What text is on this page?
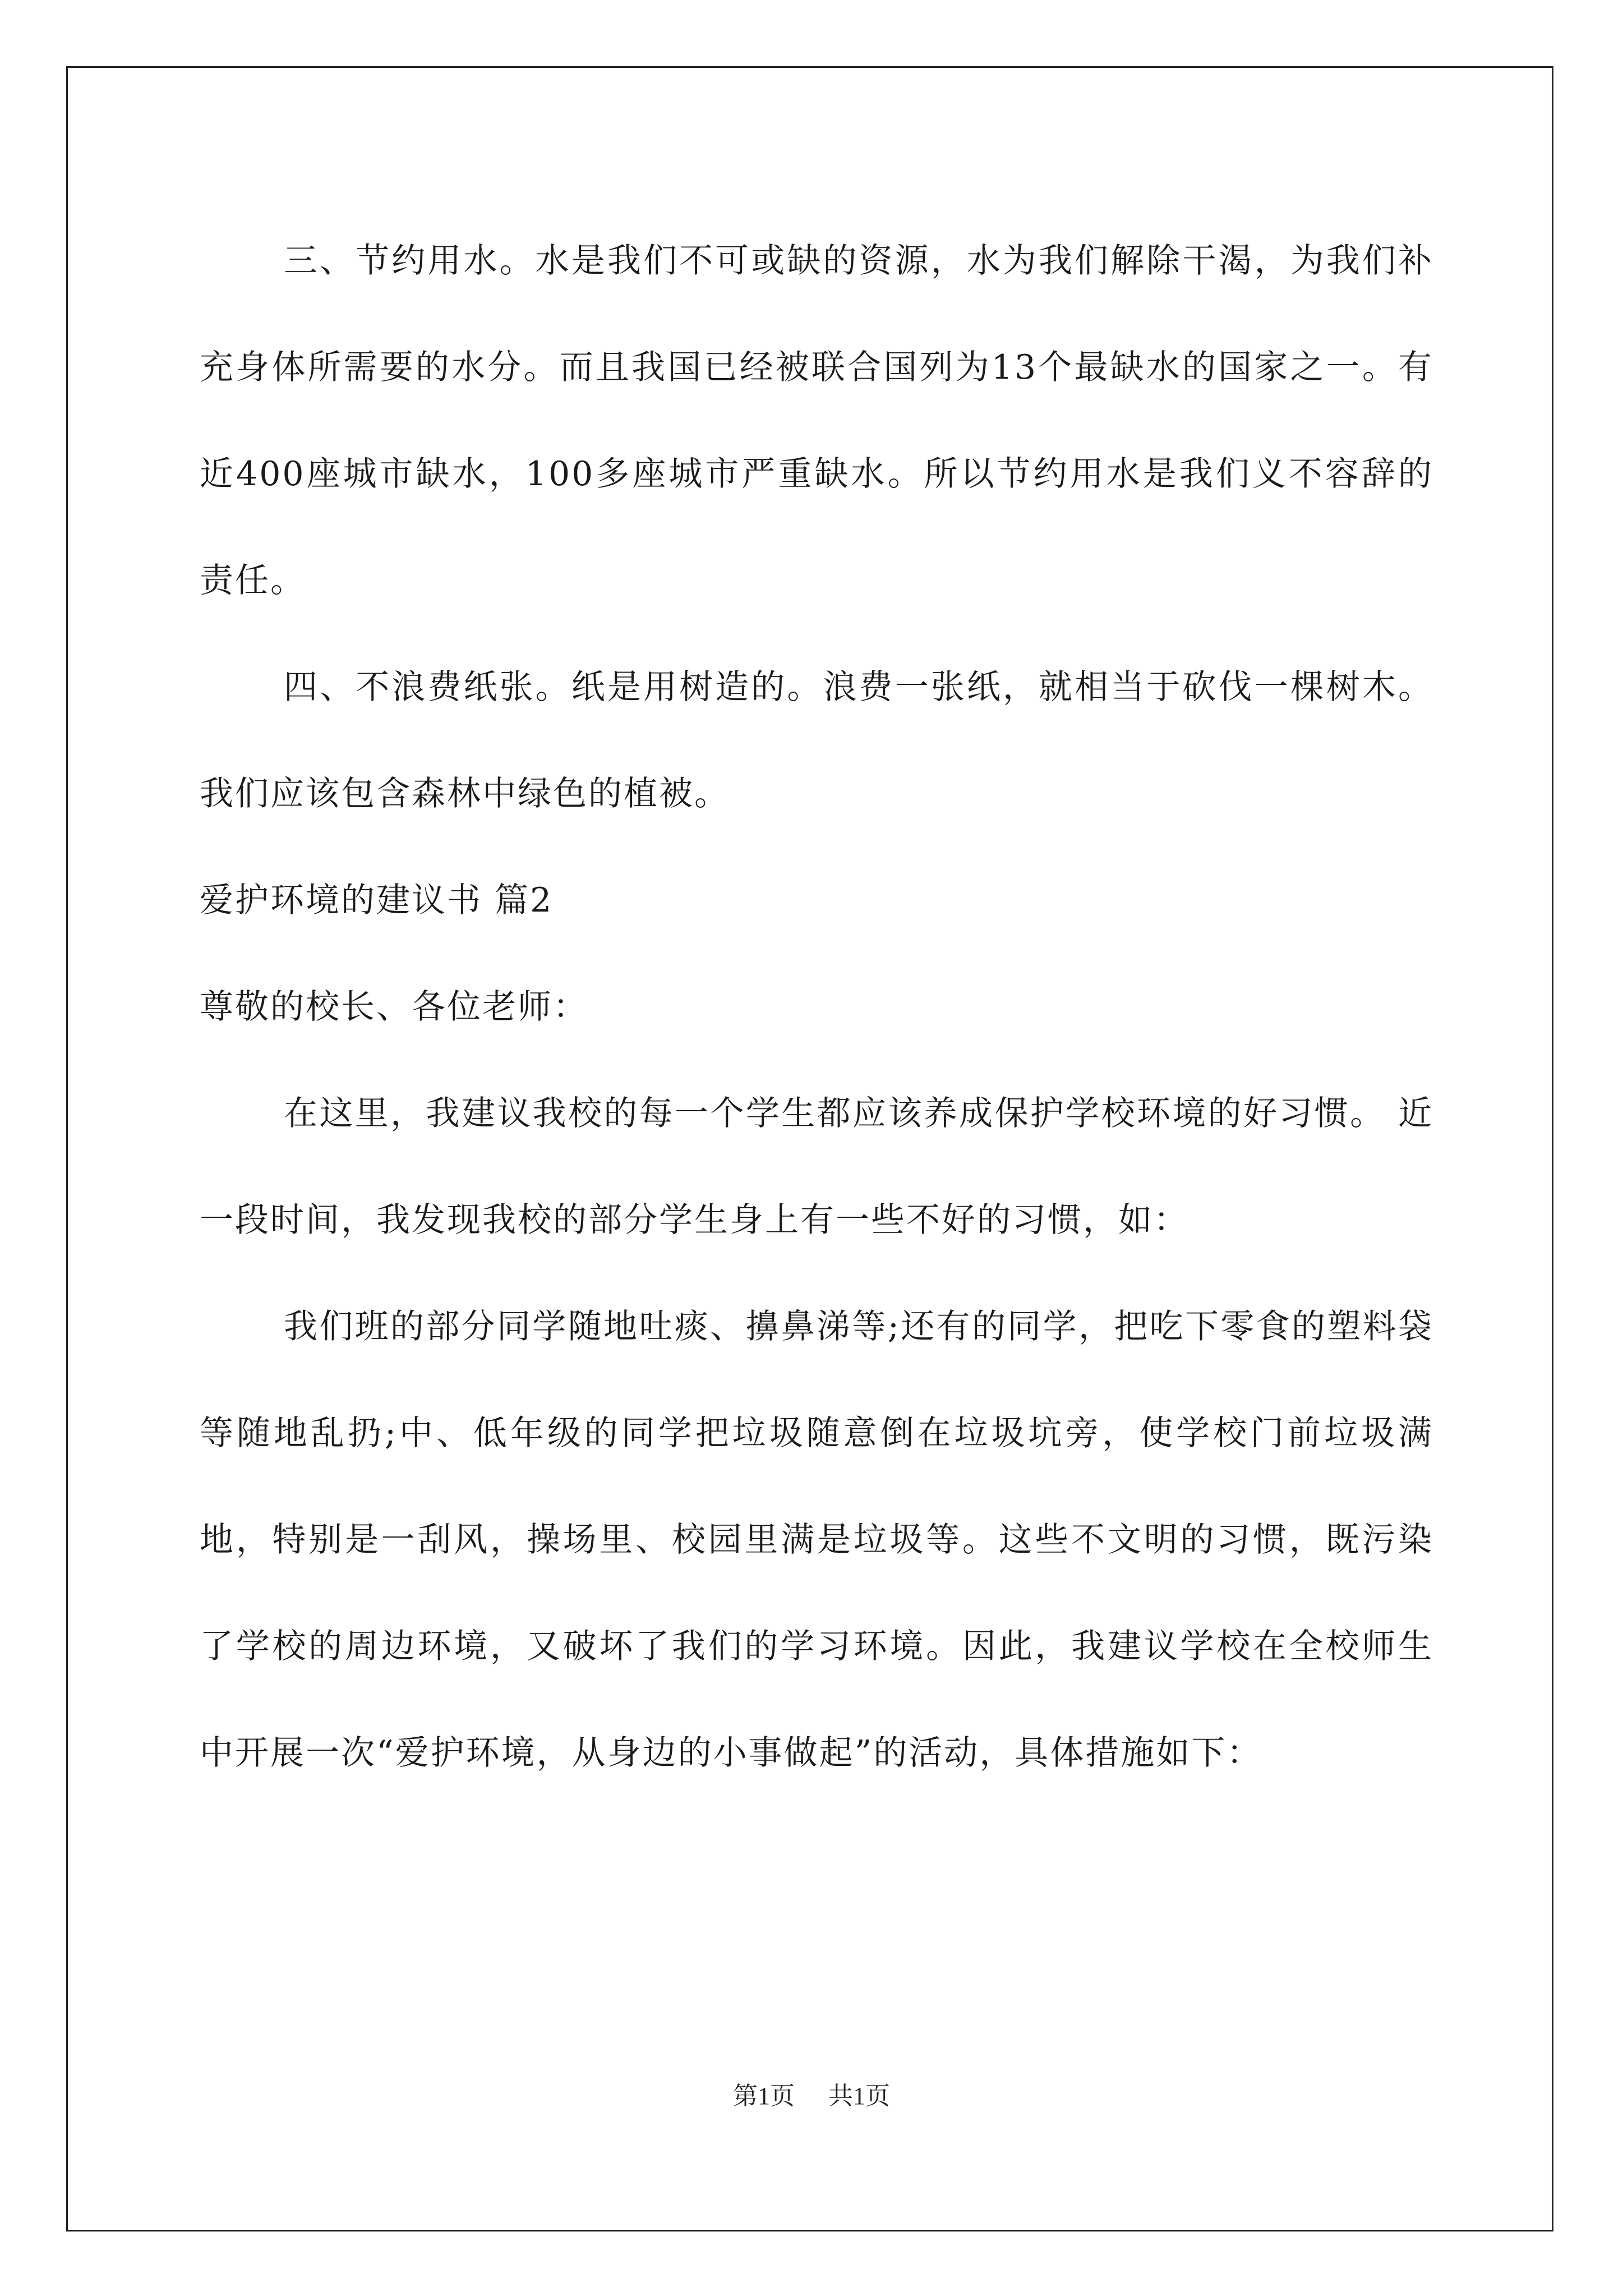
三、节约用水。水是我们不可或缺的资源，水为我们解除干渴，为我们补充身体所需要的水分。而且我国已经被联合国列为13个最缺水的国家之一。有近400座城市缺水，100多座城市严重缺水。所以节约用水是我们义不容辞的责任。

四、不浪费纸张。纸是用树造的。浪费一张纸，就相当于砍伐一棵树木。我们应该包含森林中绿色的植被。

爱护环境的建议书 篇2

尊敬的校长、各位老师：

在这里，我建议我校的每一个学生都应该养成保护学校环境的好习惯。 近一段时间，我发现我校的部分学生身上有一些不好的习惯，如：

我们班的部分同学随地吐痰、擤鼻涕等;还有的同学，把吃下零食的塑料袋等随地乱扔;中、低年级的同学把垃圾随意倒在垃圾坑旁，使学校门前垃圾满地，特别是一刮风，操场里、校园里满是垃圾等。这些不文明的习惯，既污染了学校的周边环境，又破坏了我们的学习环境。因此，我建议学校在全校师生中开展一次“爱护环境，从身边的小事做起”的活动，具体措施如下：

第1页 共1页
